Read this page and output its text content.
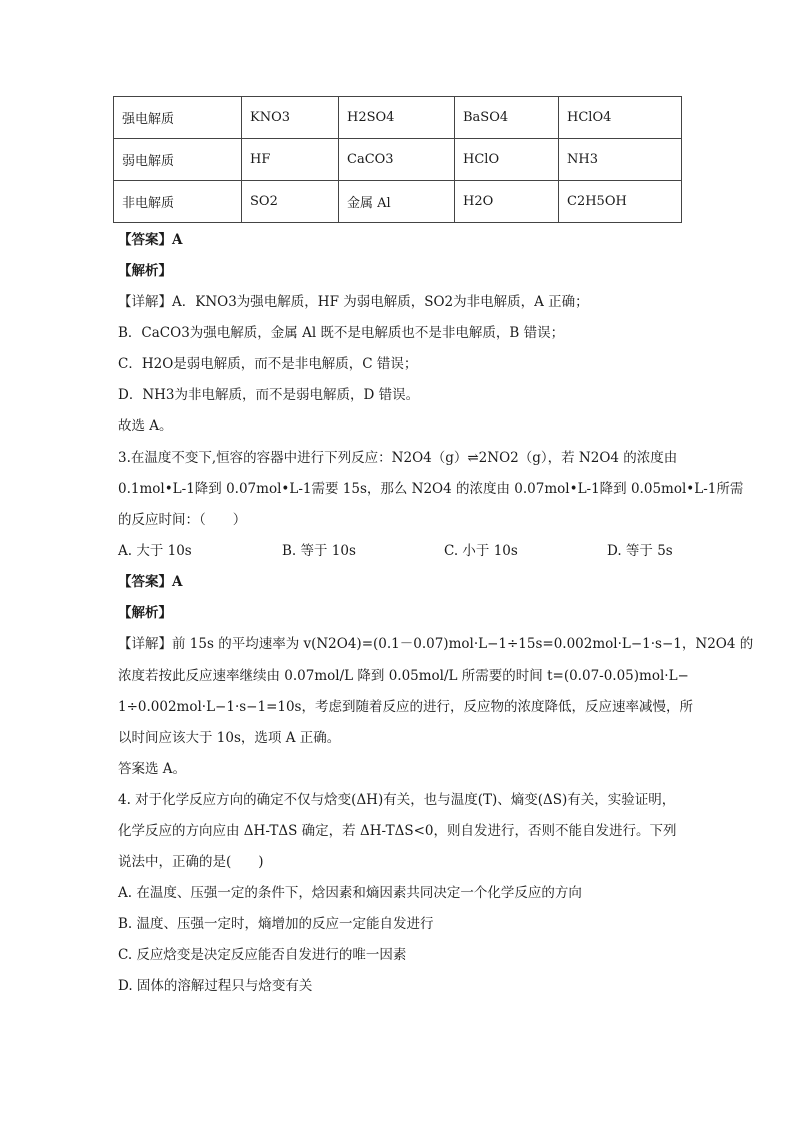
强电解质	KNO3	H2SO4	BaSO4	HClO4
弱电解质	HF	CaCO3	HClO	NH3
非电解质	SO2	金属 Al	H2O	C2H5OH
【答案】A
【解析】
【详解】A．KNO3为强电解质，HF 为弱电解质，SO2为非电解质，A 正确；
B．CaCO3为强电解质，金属 Al 既不是电解质也不是非电解质，B 错误；
C．H2O是弱电解质，而不是非电解质，C 错误；
D．NH3为非电解质，而不是弱电解质，D 错误。
故选 A。
3.在温度不变下,恒容的容器中进行下列反应：N2O4（g）⇌2NO2（g），若 N2O4 的浓度由
0.1mol•L-1降到 0.07mol•L-1需要 15s，那么 N2O4 的浓度由 0.07mol•L-1降到 0.05mol•L-1所需
的反应时间：（　　）
A. 大于 10s	B. 等于 10s	C. 小于 10s	D. 等于 5s
【答案】A
【解析】
【详解】前 15s 的平均速率为 v(N2O4)=(0.1－0.07)mol·L−1÷15s=0.002mol·L−1·s−1，N2O4 的
浓度若按此反应速率继续由 0.07mol/L 降到 0.05mol/L 所需要的时间 t=(0.07-0.05)mol·L−
1÷0.002mol·L−1·s−1=10s，考虑到随着反应的进行，反应物的浓度降低，反应速率减慢，所
以时间应该大于 10s，选项 A 正确。
答案选 A。
4. 对于化学反应方向的确定不仅与焓变(ΔH)有关，也与温度(T)、熵变(ΔS)有关，实验证明，
化学反应的方向应由 ΔH-TΔS 确定，若 ΔH-TΔS<0，则自发进行，否则不能自发进行。下列
说法中，正确的是(　　)
A. 在温度、压强一定的条件下，焓因素和熵因素共同决定一个化学反应的方向
B. 温度、压强一定时，熵增加的反应一定能自发进行
C. 反应焓变是决定反应能否自发进行的唯一因素
D. 固体的溶解过程只与焓变有关
